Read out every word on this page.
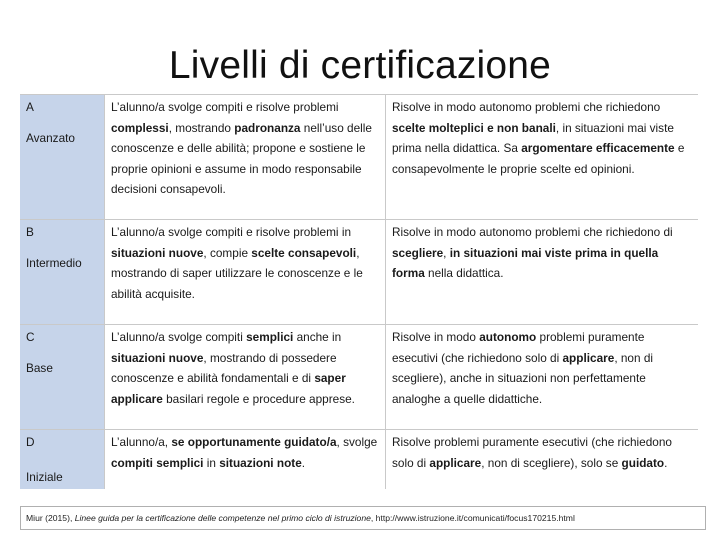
Livelli di certificazione
A
Avanzato
L’alunno/a svolge compiti e risolve problemi complessi, mostrando padronanza nell’uso delle conoscenze e delle abilità; propone e sostiene le proprie opinioni e assume in modo responsabile decisioni consapevoli.
Risolve in modo autonomo problemi che richiedono scelte molteplici e non banali, in situazioni mai viste prima nella didattica. Sa argomentare efficacemente e consapevolmente le proprie scelte ed opinioni.
B
Intermedio
L’alunno/a svolge compiti e risolve problemi in situazioni nuove, compie scelte consapevoli, mostrando di saper utilizzare le conoscenze e le abilità acquisite.
Risolve in modo autonomo problemi che richiedono di scegliere, in situazioni mai viste prima in quella forma nella didattica.
C
Base
L’alunno/a svolge compiti semplici anche in situazioni nuove, mostrando di possedere conoscenze e abilità fondamentali e di saper applicare basilari regole e procedure apprese.
Risolve in modo autonomo problemi puramente esecutivi (che richiedono solo di applicare, non di scegliere), anche in situazioni non perfettamente analoghe a quelle didattiche.
D
Iniziale
L’alunno/a, se opportunamente guidato/a, svolge compiti semplici in situazioni note.
Risolve problemi puramente esecutivi (che richiedono solo di applicare, non di scegliere), solo se guidato.
Miur (2015), Linee guida per la certificazione delle competenze nel primo ciclo di istruzione, http://www.istruzione.it/comunicati/focus170215.html
